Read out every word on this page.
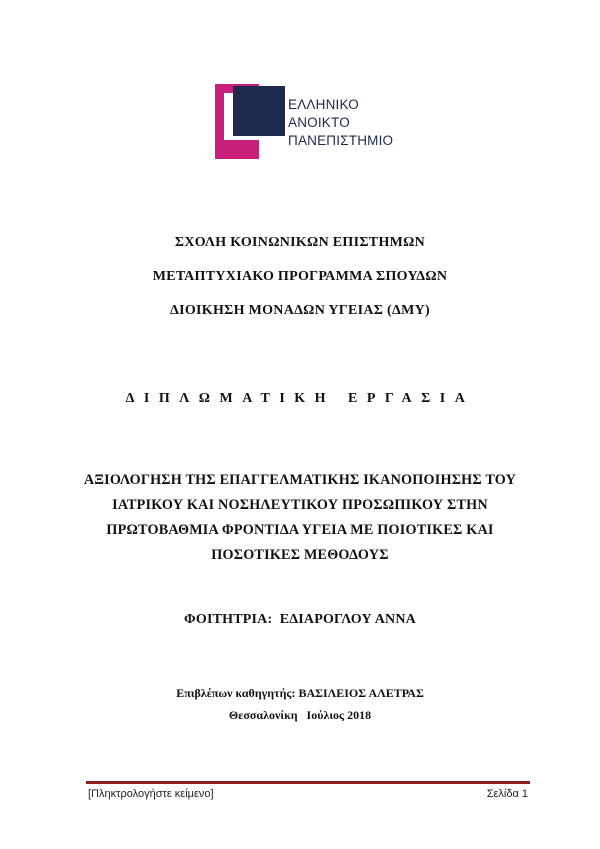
ΕΛΛΗΝΙΚΟ
ΑΝΟΙΚΤΟ
ΠΑΝΕΠΙΣΤΗΜΙΟ
ΣΧΟΛΗ ΚΟΙΝΩΝΙΚΩΝ ΕΠΙΣΤΗΜΩΝ
ΜΕΤΑΠΤΥΧΙΑΚΟ ΠΡΟΓΡΑΜΜΑ ΣΠΟΥΔΩΝ
ΔΙΟΙΚΗΣΗ ΜΟΝΑΔΩΝ ΥΓΕΙΑΣ (ΔΜΥ)
ΔΙΠΛΩΜΑΤΙΚΗ ΕΡΓΑΣΙΑ
ΑΞΙΟΛΟΓΗΣΗ ΤΗΣ ΕΠΑΓΓΕΛΜΑΤΙΚΗΣ ΙΚΑΝΟΠΟΙΗΣΗΣ ΤΟΥ
ΙΑΤΡΙΚΟΥ ΚΑΙ ΝΟΣΗΛΕΥΤΙΚΟΥ ΠΡΟΣΩΠΙΚΟΥ ΣΤΗΝ
ΠΡΩΤΟΒΑΘΜΙΑ ΦΡΟΝΤΙΔΑ ΥΓΕΙΑ ΜΕ ΠΟΙΟΤΙΚΕΣ ΚΑΙ
ΠΟΣΟΤΙΚΕΣ ΜΕΘΟΔΟΥΣ
ΦΟΙΤΗΤΡΙΑ:  ΕΔΙΑΡΟΓΛΟΥ ΑΝΝΑ
Επιβλέπων καθηγητής: ΒΑΣΙΛΕΙΟΣ ΑΛΕΤΡΑΣ
Θεσσαλονίκη   Ιούλιος 2018
[Πληκτρολογήστε κείμενο]	Σελίδα 1
